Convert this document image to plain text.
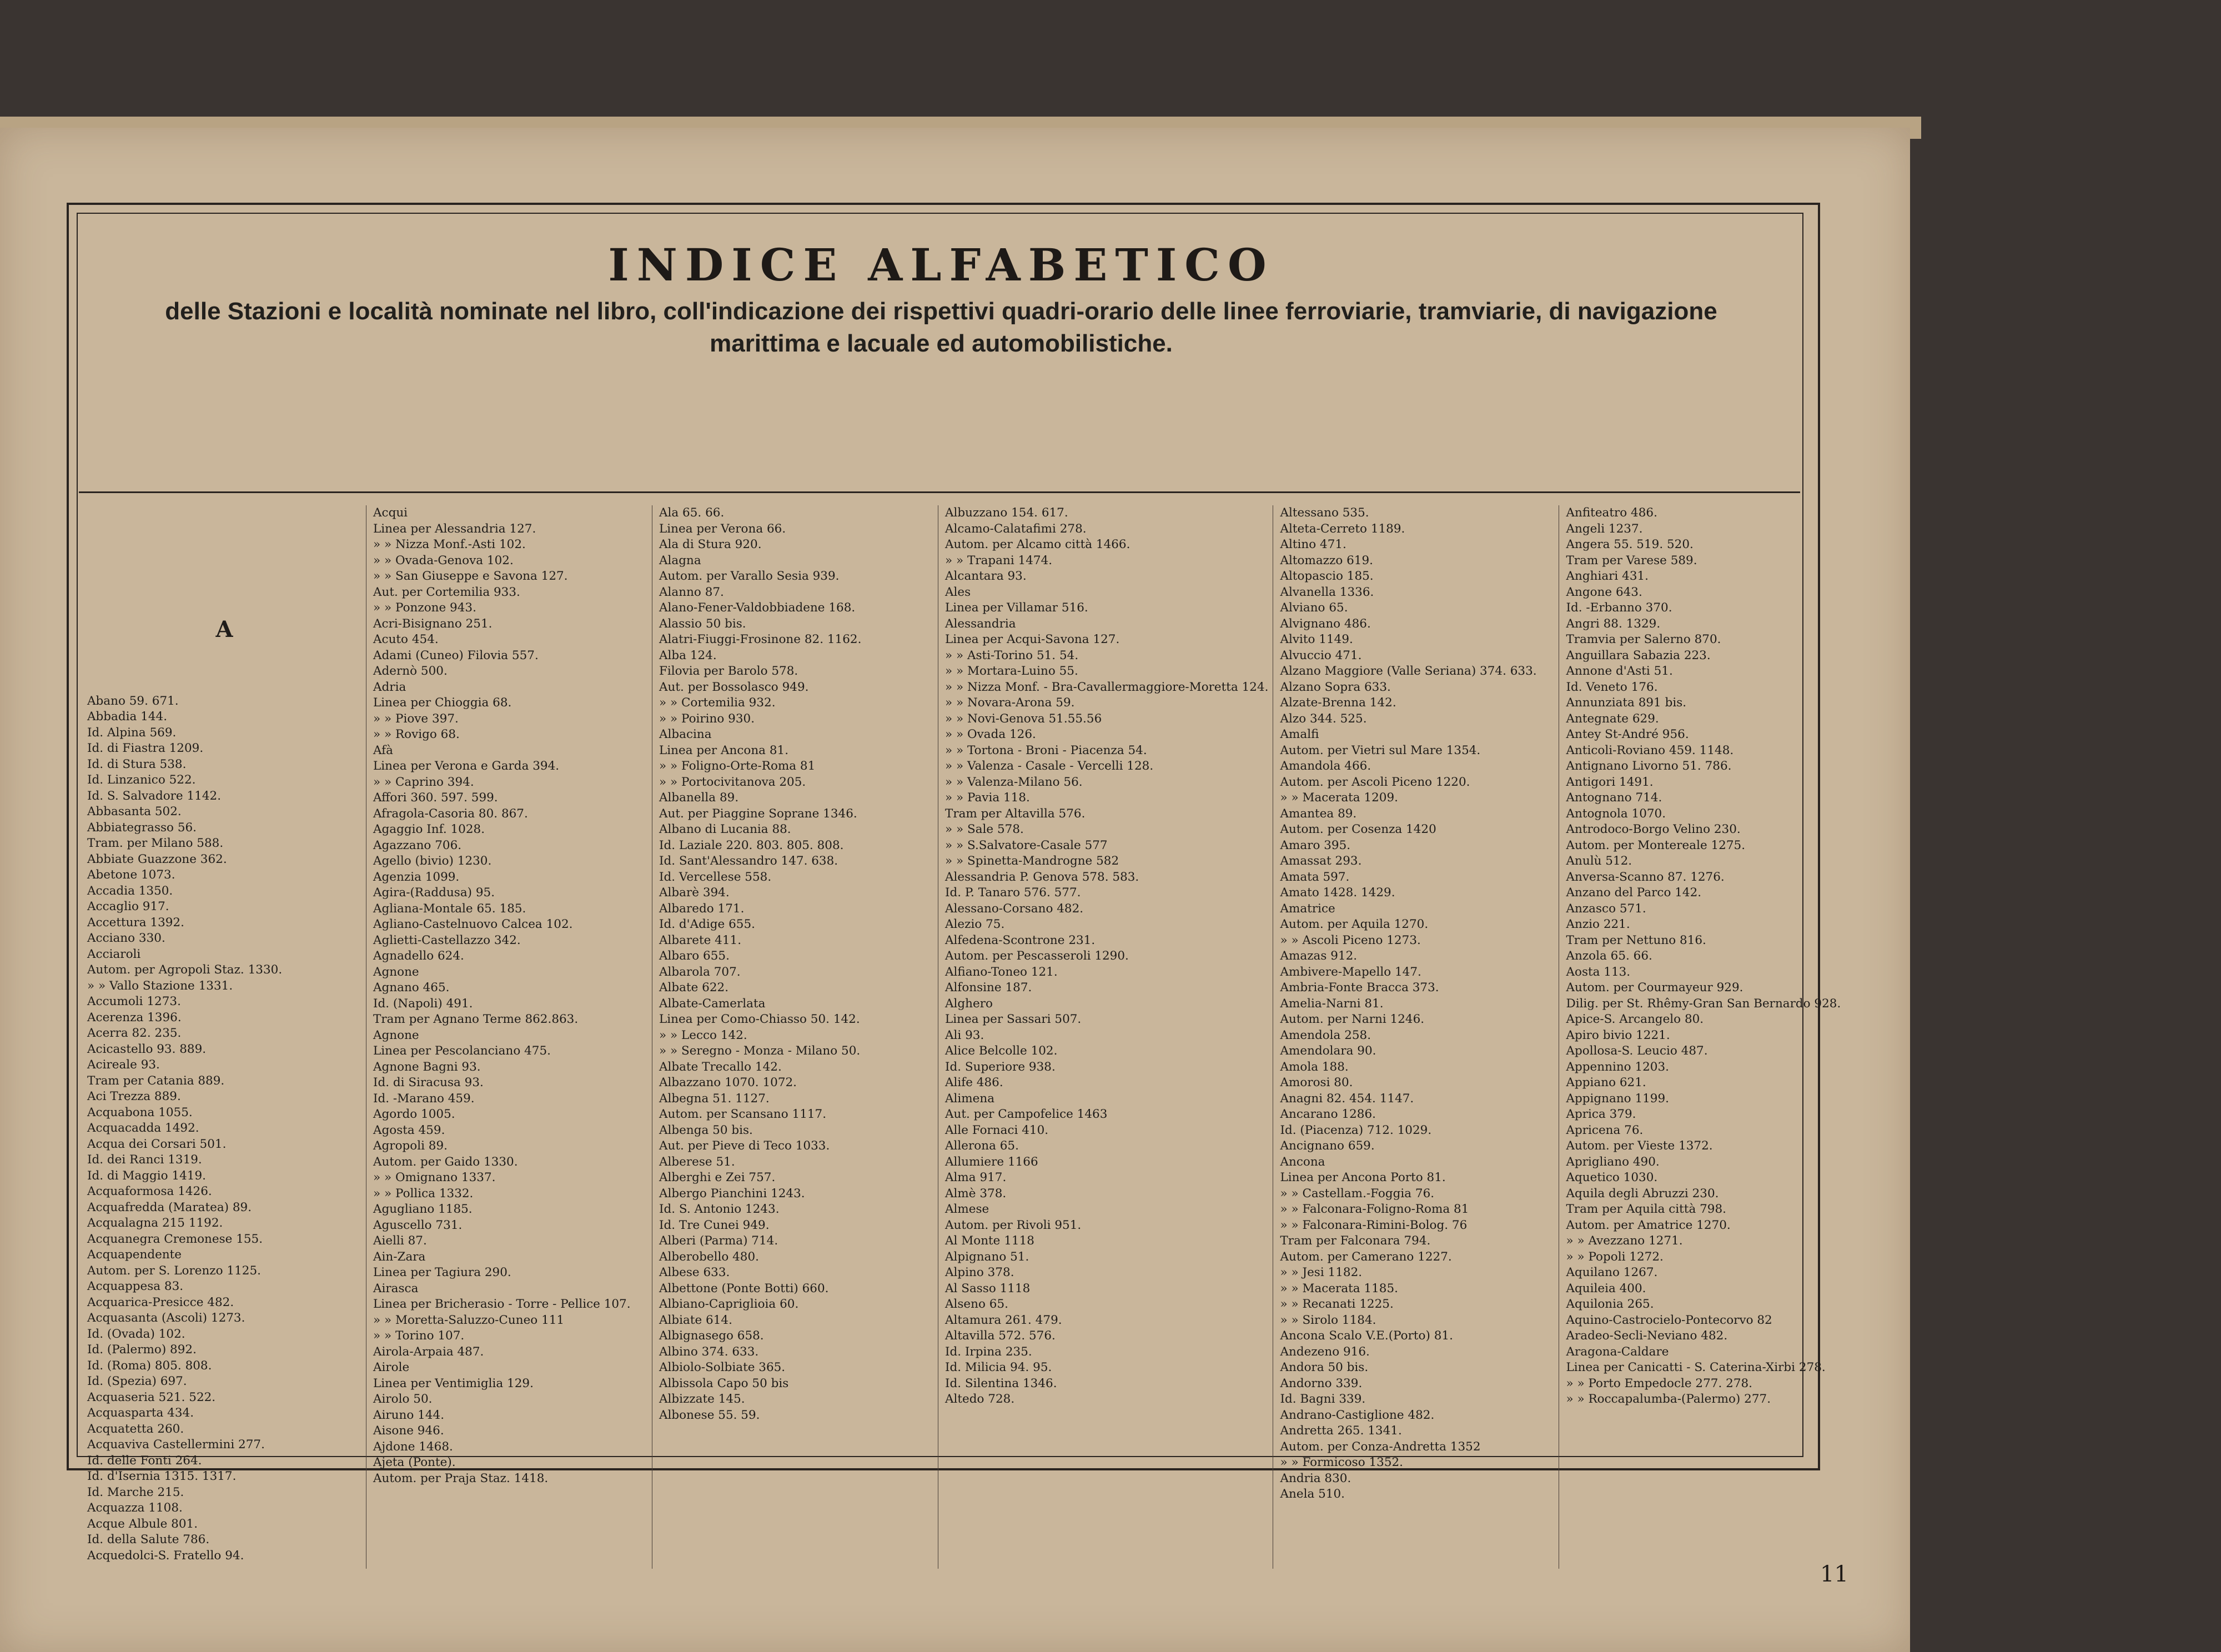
INDICE ALFABETICO
delle Stazioni e località nominate nel libro, coll'indicazione dei rispettivi quadri-orario delle linee ferroviarie, tramviarie, di navigazione marittima e lacuale ed automobilistiche.
A
Abano 59. 671.
Abbadia 144.
Id. Alpina 569.
Id. di Fiastra 1209.
Id. di Stura 538.
Id. Linzanico 522.
Id. S. Salvadore 1142.
Abbasanta 502.
Abbiategrasso 56.
Tram. per Milano 588.
Abbiate Guazzone 362.
Abetone 1073.
Accadia 1350.
Accaglio 917.
Accettura 1392.
Acciano 330.
Acciaroli
Autom. per Agropoli Staz. 1330.
» » Vallo Stazione 1331.
Accumoli 1273.
Acerenza 1396.
Acerra 82. 235.
Acicastello 93. 889.
Acireale 93.
Tram per Catania 889.
Aci Trezza 889.
Acquabona 1055.
Acquacadda 1492.
Acqua dei Corsari 501.
Id. dei Ranci 1319.
Id. di Maggio 1419.
Acquaformosa 1426.
Acquafredda (Maratea) 89.
Acqualagna 215 1192.
Acquanegra Cremonese 155.
Acquapendente
Autom. per S. Lorenzo 1125.
Acquappesa 83.
Acquarica-Presicce 482.
Acquasanta (Ascoli) 1273.
Id. (Ovada) 102.
Id. (Palermo) 892.
Id. (Roma) 805. 808.
Id. (Spezia) 697.
Acquaseria 521. 522.
Acquasparta 434.
Acquatetta 260.
Acquaviva Castellermini 277.
Id. delle Fonti 264.
Id. d'Isernia 1315. 1317.
Id. Marche 215.
Acquazza 1108.
Acque Albule 801.
Id. della Salute 786.
Acquedolci-S. Fratello 94.
Acqui
Linea per Alessandria 127.
» » Nizza Monf.-Asti 102.
» » Ovada-Genova 102.
» » San Giuseppe e Savona 127.
Aut. per Cortemilia 933.
» » Ponzone 943.
Acri-Bisignano 251.
Acuto 454.
Adami (Cuneo) Filovia 557.
Adernò 500.
Adria
Linea per Chioggia 68.
» » Piove 397.
» » Rovigo 68.
Afà
Linea per Verona e Garda 394.
» » Caprino 394.
Affori 360. 597. 599.
Afragola-Casoria 80. 867.
Agaggio Inf. 1028.
Agazzano 706.
Agello (bivio) 1230.
Agenzia 1099.
Agira-(Raddusa) 95.
Agliana-Montale 65. 185.
Agliano-Castelnuovo Calcea 102.
Aglietti-Castellazzo 342.
Agnadello 624.
Agnone
Agnano 465.
Id. (Napoli) 491.
Tram per Agnano Terme 862.863.
Agnone
Linea per Pescolanciano 475.
Agnone Bagni 93.
Id. di Siracusa 93.
Id. -Marano 459.
Agordo 1005.
Agosta 459.
Agropoli 89.
Autom. per Gaido 1330.
» » Omignano 1337.
» » Pollica 1332.
Agugliano 1185.
Aguscello 731.
Aielli 87.
Ain-Zara
Linea per Tagiura 290.
Airasca
Linea per Bricherasio - Torre - Pellice 107.
» » Moretta-Saluzzo-Cuneo 111
» » Torino 107.
Airola-Arpaia 487.
Airole
Linea per Ventimiglia 129.
Airolo 50.
Airuno 144.
Aisone 946.
Ajdone 1468.
Ajeta (Ponte).
Autom. per Praja Staz. 1418.
Ala 65. 66.
Linea per Verona 66.
Ala di Stura 920.
Alagna
Autom. per Varallo Sesia 939.
Alanno 87.
Alano-Fener-Valdobbiadene 168.
Alassio 50 bis.
Alatri-Fiuggi-Frosinone 82. 1162.
Alba 124.
Filovia per Barolo 578.
Aut. per Bossolasco 949.
» » Cortemilia 932.
» » Poirino 930.
Albacina
Linea per Ancona 81.
» » Foligno-Orte-Roma 81
» » Portocivitanova 205.
Albanella 89.
Aut. per Piaggine Soprane 1346.
Albano di Lucania 88.
Id. Laziale 220. 803. 805. 808.
Id. Sant'Alessandro 147. 638.
Id. Vercellese 558.
Albarè 394.
Albaredo 171.
Id. d'Adige 655.
Albarete 411.
Albaro 655.
Albarola 707.
Albate 622.
Albate-Camerlata
Linea per Como-Chiasso 50. 142.
» » Lecco 142.
» » Seregno - Monza - Milano 50.
Albate Trecallo 142.
Albazzano 1070. 1072.
Albegna 51. 1127.
Autom. per Scansano 1117.
Albenga 50 bis.
Aut. per Pieve di Teco 1033.
Alberese 51.
Alberghi e Zei 757.
Albergo Pianchini 1243.
Id. S. Antonio 1243.
Id. Tre Cunei 949.
Alberi (Parma) 714.
Alberobello 480.
Albese 633.
Albettone (Ponte Botti) 660.
Albiano-Capriglioia 60.
Albiate 614.
Albignasego 658.
Albino 374. 633.
Albiolo-Solbiate 365.
Albissola Capo 50 bis
Albizzate 145.
Albonese 55. 59.
Albuzzano 154. 617.
Alcamo-Calatafimi 278.
Autom. per Alcamo città 1466.
» » Trapani 1474.
Alcantara 93.
Ales
Linea per Villamar 516.
Alessandria
Linea per Acqui-Savona 127.
» » Asti-Torino 51. 54.
» » Mortara-Luino 55.
» » Nizza Monf. - Bra-Cavallermaggiore-Moretta 124.
» » Novara-Arona 59.
» » Novi-Genova 51.55.56
» » Ovada 126.
» » Tortona - Broni - Piacenza 54.
» » Valenza - Casale - Vercelli 128.
» » Valenza-Milano 56.
» » Pavia 118.
Tram per Altavilla 576.
» » Sale 578.
» » S.Salvatore-Casale 577
» » Spinetta-Mandrogne 582
Alessandria P. Genova 578. 583.
Id. P. Tanaro 576. 577.
Alessano-Corsano 482.
Alezio 75.
Alfedena-Scontrone 231.
Autom. per Pescasseroli 1290.
Alfiano-Toneo 121.
Alfonsine 187.
Alghero
Linea per Sassari 507.
Ali 93.
Alice Belcolle 102.
Id. Superiore 938.
Alife 486.
Alimena
Aut. per Campofelice 1463
Alle Fornaci 410.
Allerona 65.
Allumiere 1166
Alma 917.
Almè 378.
Almese
Autom. per Rivoli 951.
Al Monte 1118
Alpignano 51.
Alpino 378.
Al Sasso 1118
Alseno 65.
Altamura 261. 479.
Altavilla 572. 576.
Id. Irpina 235.
Id. Milicia 94. 95.
Id. Silentina 1346.
Altedo 728.
Altessano 535.
Alteta-Cerreto 1189.
Altino 471.
Altomazzo 619.
Altopascio 185.
Alvanella 1336.
Alviano 65.
Alvignano 486.
Alvito 1149.
Alvuccio 471.
Alzano Maggiore (Valle Seriana) 374. 633.
Alzano Sopra 633.
Alzate-Brenna 142.
Alzo 344. 525.
Amalfi
Autom. per Vietri sul Mare 1354.
Amandola 466.
Autom. per Ascoli Piceno 1220.
» » Macerata 1209.
Amantea 89.
Autom. per Cosenza 1420
Amaro 395.
Amassat 293.
Amata 597.
Amato 1428. 1429.
Amatrice
Autom. per Aquila 1270.
» » Ascoli Piceno 1273.
Amazas 912.
Ambivere-Mapello 147.
Ambria-Fonte Bracca 373.
Amelia-Narni 81.
Autom. per Narni 1246.
Amendola 258.
Amendolara 90.
Amola 188.
Amorosi 80.
Anagni 82. 454. 1147.
Ancarano 1286.
Id. (Piacenza) 712. 1029.
Ancignano 659.
Ancona
Linea per Ancona Porto 81.
» » Castellam.-Foggia 76.
» » Falconara-Foligno-Roma 81
» » Falconara-Rimini-Bolog. 76
Tram per Falconara 794.
Autom. per Camerano 1227.
» » Jesi 1182.
» » Macerata 1185.
» » Recanati 1225.
» » Sirolo 1184.
Ancona Scalo V.E.(Porto) 81.
Andezeno 916.
Andora 50 bis.
Andorno 339.
Id. Bagni 339.
Andrano-Castiglione 482.
Andretta 265. 1341.
Autom. per Conza-Andretta 1352
» » Formicoso 1352.
Andria 830.
Anela 510.
Anfiteatro 486.
Angeli 1237.
Angera 55. 519. 520.
Tram per Varese 589.
Anghiari 431.
Angone 643.
Id. -Erbanno 370.
Angri 88. 1329.
Tramvia per Salerno 870.
Anguillara Sabazia 223.
Annone d'Asti 51.
Id. Veneto 176.
Annunziata 891 bis.
Antegnate 629.
Antey St-André 956.
Anticoli-Roviano 459. 1148.
Antignano Livorno 51. 786.
Antigori 1491.
Antognano 714.
Antognola 1070.
Antrodoco-Borgo Velino 230.
Autom. per Montereale 1275.
Anulù 512.
Anversa-Scanno 87. 1276.
Anzano del Parco 142.
Anzasco 571.
Anzio 221.
Tram per Nettuno 816.
Anzola 65. 66.
Aosta 113.
Autom. per Courmayeur 929.
Dilig. per St. Rhêmy-Gran San Bernardo 928.
Apice-S. Arcangelo 80.
Apiro bivio 1221.
Apollosa-S. Leucio 487.
Appennino 1203.
Appiano 621.
Appignano 1199.
Aprica 379.
Apricena 76.
Autom. per Vieste 1372.
Aprigliano 490.
Aquetico 1030.
Aquila degli Abruzzi 230.
Tram per Aquila città 798.
Autom. per Amatrice 1270.
» » Avezzano 1271.
» » Popoli 1272.
Aquilano 1267.
Aquileia 400.
Aquilonia 265.
Aquino-Castrocielo-Pontecorvo 82
Aradeo-Secli-Neviano 482.
Aragona-Caldare
Linea per Canicatti - S. Caterina-Xirbi 278.
» » Porto Empedocle 277. 278.
» » Roccapalumba-(Palermo) 277.
11
